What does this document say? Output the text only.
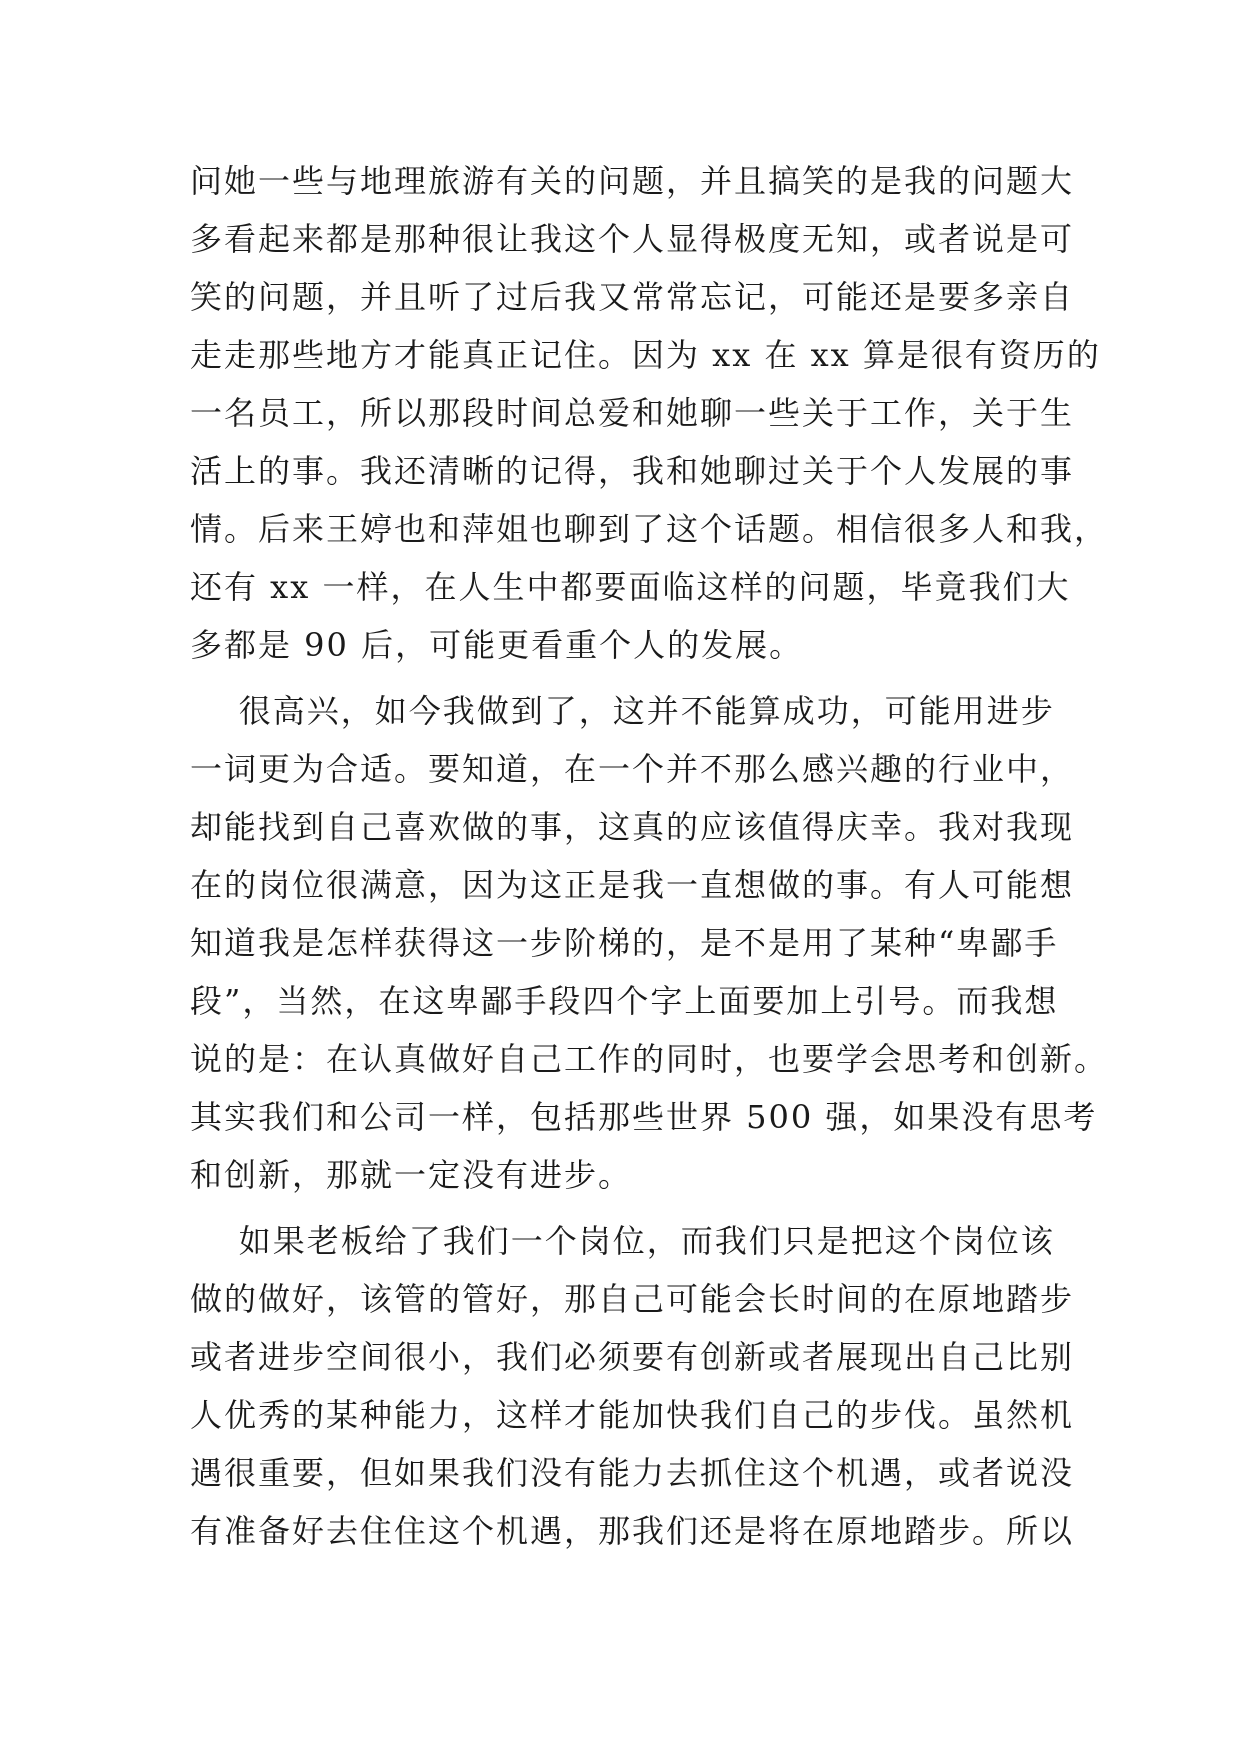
问她一些与地理旅游有关的问题，并且搞笑的是我的问题大
多看起来都是那种很让我这个人显得极度无知，或者说是可
笑的问题，并且听了过后我又常常忘记，可能还是要多亲自
走走那些地方才能真正记住。因为 xx 在 xx 算是很有资历的
一名员工，所以那段时间总爱和她聊一些关于工作，关于生
活上的事。我还清晰的记得，我和她聊过关于个人发展的事
情。后来王婷也和萍姐也聊到了这个话题。相信很多人和我，
还有 xx 一样，在人生中都要面临这样的问题，毕竟我们大
多都是 90 后，可能更看重个人的发展。
很高兴，如今我做到了，这并不能算成功，可能用进步
一词更为合适。要知道，在一个并不那么感兴趣的行业中，
却能找到自己喜欢做的事，这真的应该值得庆幸。我对我现
在的岗位很满意，因为这正是我一直想做的事。有人可能想
知道我是怎样获得这一步阶梯的，是不是用了某种“卑鄙手
段”，当然，在这卑鄙手段四个字上面要加上引号。而我想
说的是：在认真做好自己工作的同时，也要学会思考和创新。
其实我们和公司一样，包括那些世界 500 强，如果没有思考
和创新，那就一定没有进步。
如果老板给了我们一个岗位，而我们只是把这个岗位该
做的做好，该管的管好，那自己可能会长时间的在原地踏步
或者进步空间很小，我们必须要有创新或者展现出自己比别
人优秀的某种能力，这样才能加快我们自己的步伐。虽然机
遇很重要，但如果我们没有能力去抓住这个机遇，或者说没
有准备好去住住这个机遇，那我们还是将在原地踏步。所以
